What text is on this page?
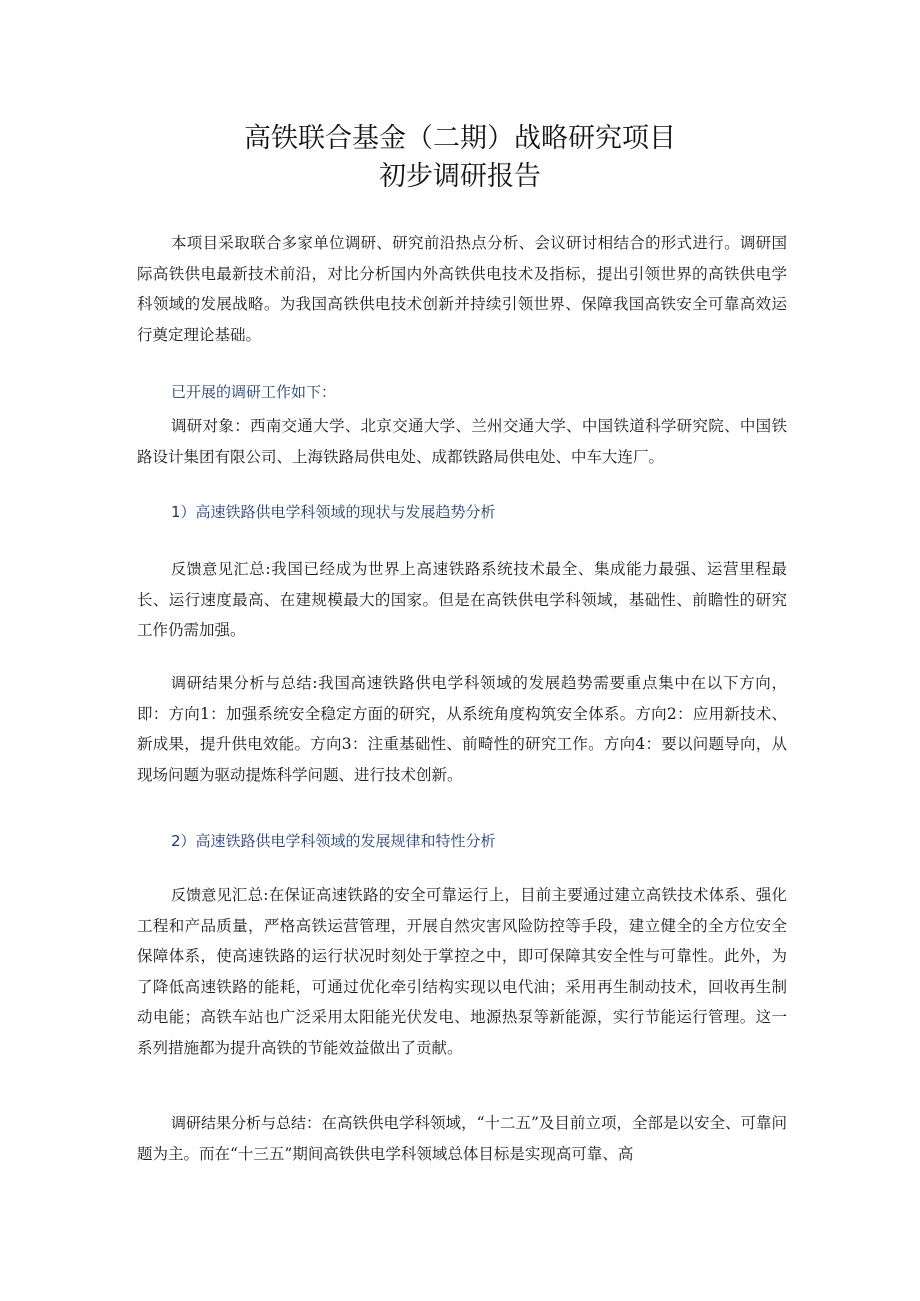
高铁联合基金（二期）战略研究项目
初步调研报告

本项目采取联合多家单位调研、研究前沿热点分析、会议研讨相结合的形式进行。调研国际高铁供电最新技术前沿，对比分析国内外高铁供电技术及指标，提出引领世界的高铁供电学科领域的发展战略。为我国高铁供电技术创新并持续引领世界、保障我国高铁安全可靠高效运行奠定理论基础。

已开展的调研工作如下：

调研对象：西南交通大学、北京交通大学、兰州交通大学、中国铁道科学研究院、中国铁路设计集团有限公司、上海铁路局供电处、成都铁路局供电处、中车大连厂。

1）高速铁路供电学科领域的现状与发展趋势分析

反馈意见汇总:我国已经成为世界上高速铁路系统技术最全、集成能力最强、运营里程最长、运行速度最高、在建规模最大的国家。但是在高铁供电学科领域，基础性、前瞻性的研究工作仍需加强。

调研结果分析与总结:我国高速铁路供电学科领域的发展趋势需要重点集中在以下方向，即：方向1：加强系统安全稳定方面的研究，从系统角度构筑安全体系。方向2：应用新技术、新成果，提升供电效能。方向3：注重基础性、前畸性的研究工作。方向4：要以问题导向，从现场问题为驱动提炼科学问题、进行技术创新。

2）高速铁路供电学科领域的发展规律和特性分析

反馈意见汇总:在保证高速铁路的安全可靠运行上，目前主要通过建立高铁技术体系、强化工程和产品质量，严格高铁运营管理，开展自然灾害风险防控等手段，建立健全的全方位安全保障体系，使高速铁路的运行状况时刻处于掌控之中，即可保障其安全性与可靠性。此外，为了降低高速铁路的能耗，可通过优化牵引结构实现以电代油；采用再生制动技术，回收再生制动电能；高铁车站也广泛采用太阳能光伏发电、地源热泵等新能源，实行节能运行管理。这一系列措施都为提升高铁的节能效益做出了贡献。

调研结果分析与总结：在高铁供电学科领域，“十二五”及目前立项，全部是以安全、可靠问题为主。而在“十三五”期间高铁供电学科领域总体目标是实现高可靠、高
